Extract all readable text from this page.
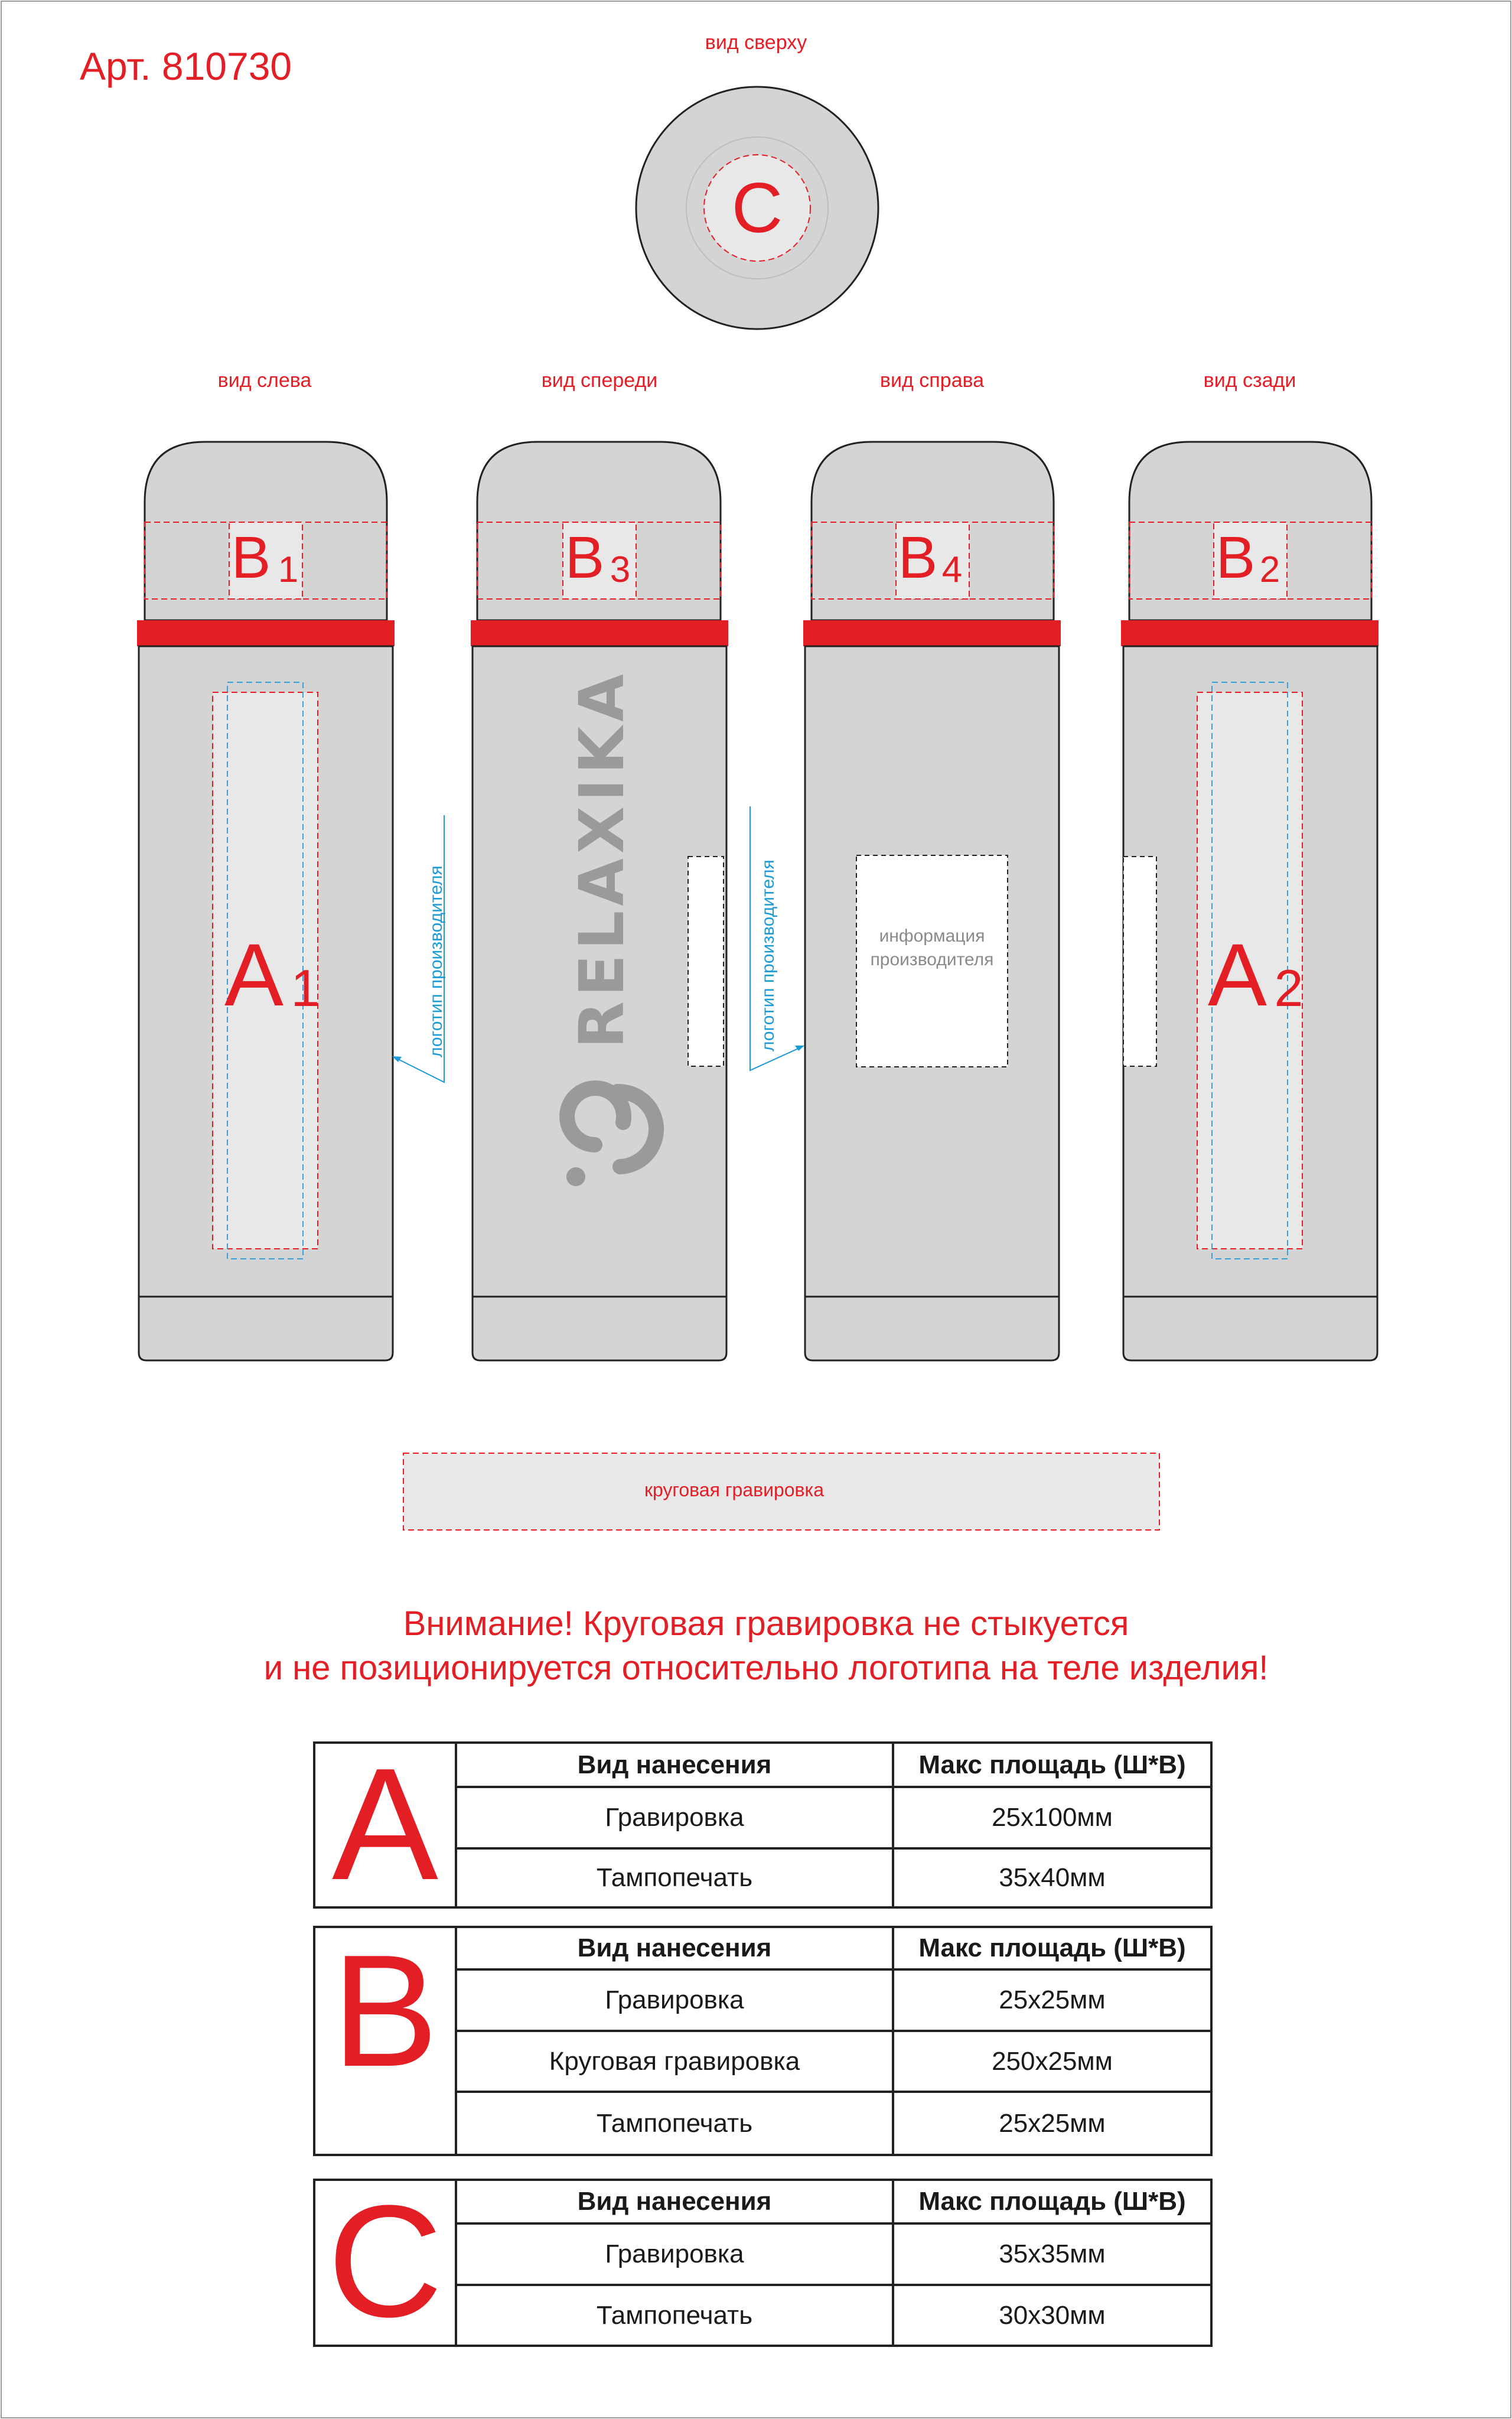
Арт. 810730
вид сверху
C
вид слева	вид спереди	вид справа	вид сзади
B 1
A 1
B 3
RELAXIKA
логотип производителя
B 4
информация
производителя
логотип производителя
B 2
A 2
круговая гравировка
Внимание! Круговая гравировка не стыкуется
и не позиционируется относительно логотипа на теле изделия!
A	Вид нанесения	Макс площадь (Ш*В)
Гравировка	25x100мм
Тампопечать	35x40мм
B	Вид нанесения	Макс площадь (Ш*В)
Гравировка	25x25мм
Круговая гравировка	250x25мм
Тампопечать	25x25мм
C	Вид нанесения	Макс площадь (Ш*В)
Гравировка	35x35мм
Тампопечать	30x30мм
